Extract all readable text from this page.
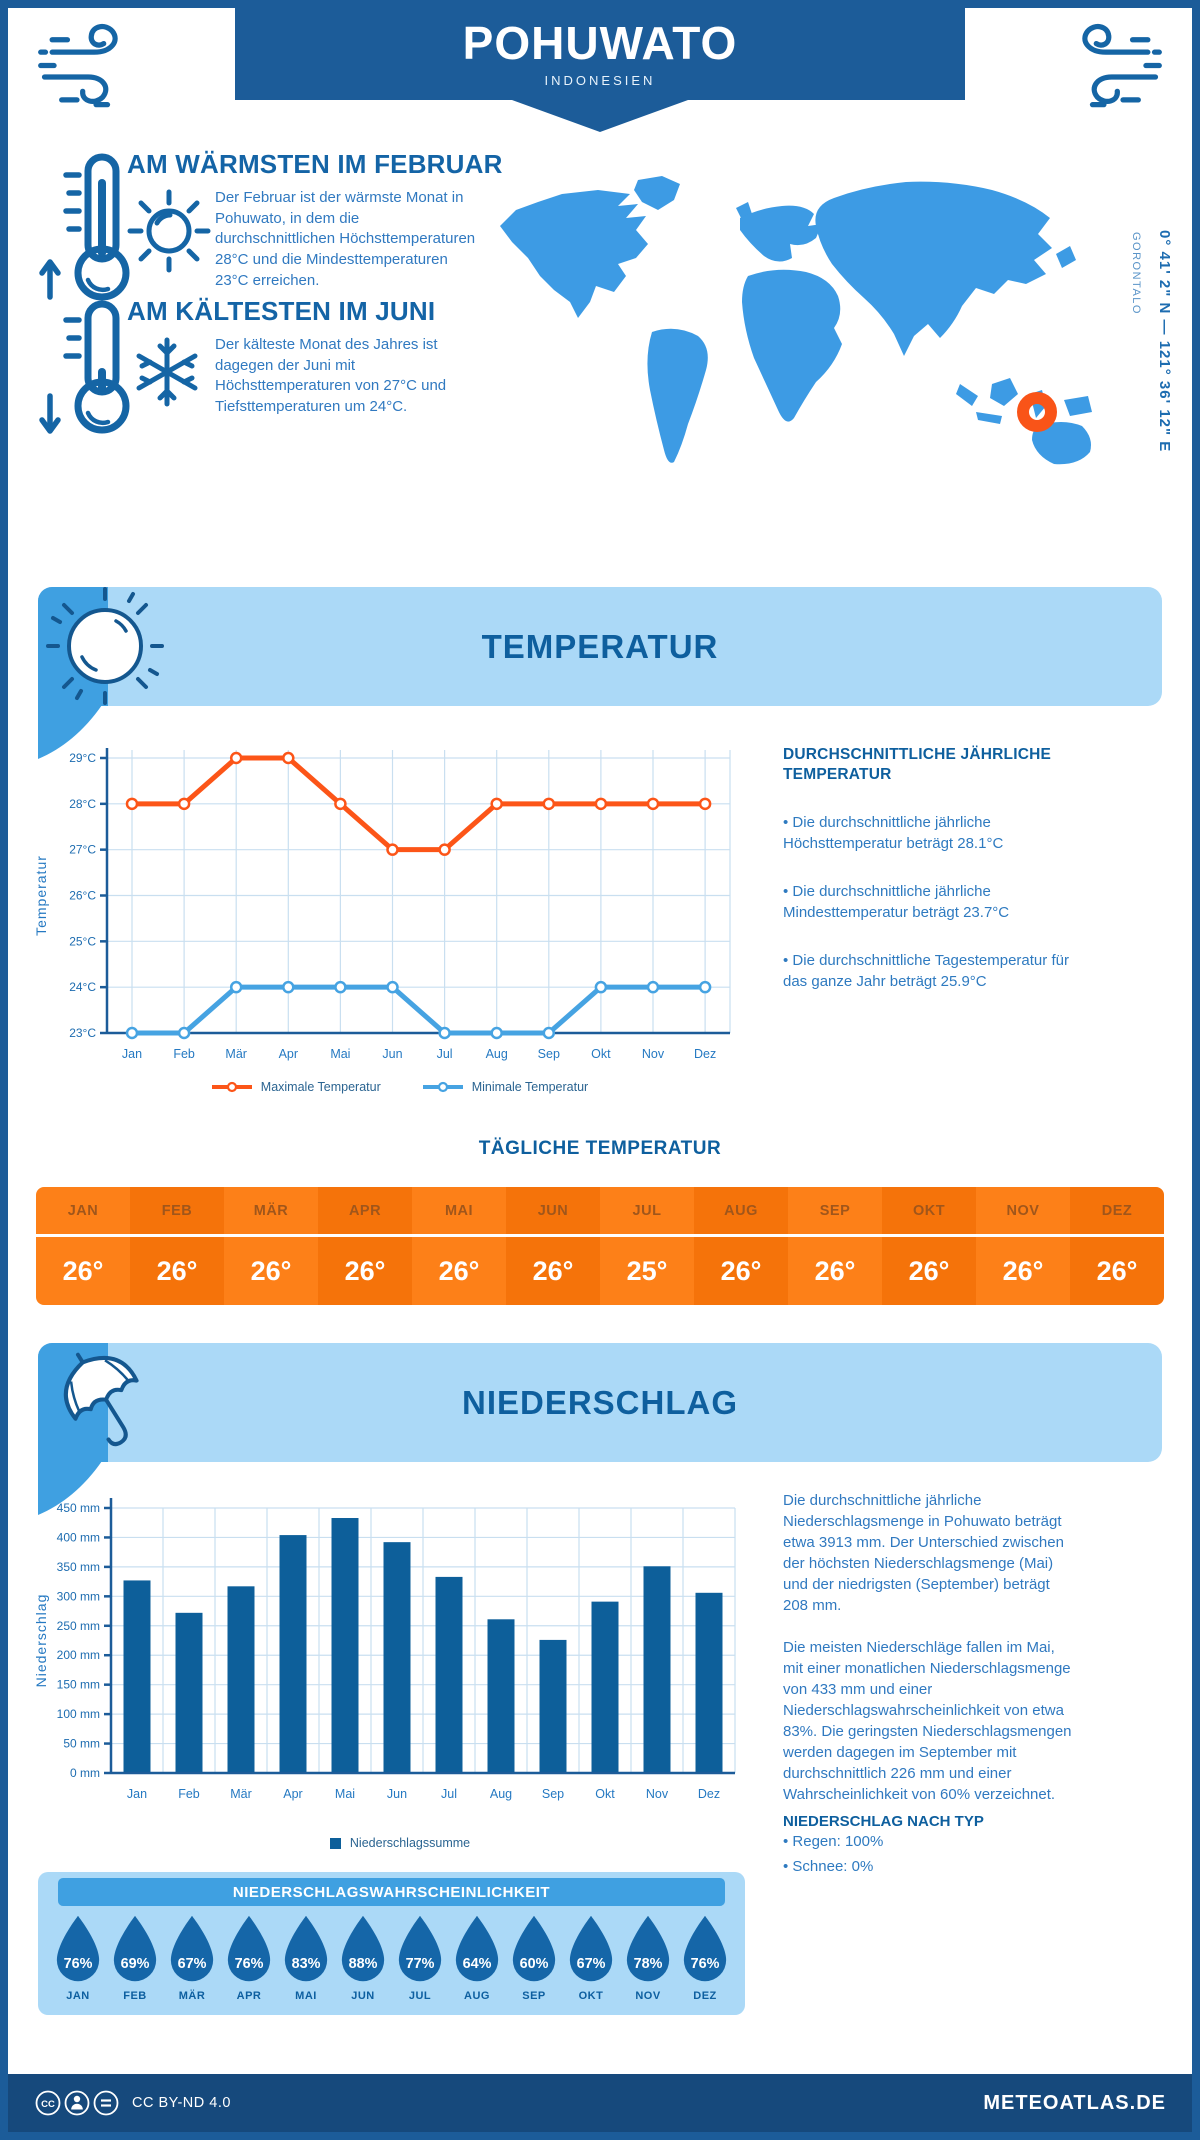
POHUWATO
INDONESIEN
AM WÄRMSTEN IM FEBRUAR
Der Februar ist der wärmste Monat in Pohuwato, in dem die durchschnittlichen Höchsttemperaturen 28°C und die Mindesttemperaturen 23°C erreichen.
AM KÄLTESTEN IM JUNI
Der kälteste Monat des Jahres ist dagegen der Juni mit Höchsttemperaturen von 27°C und Tiefsttemperaturen um 24°C.	0° 41' 2" N — 121° 36' 12" E
GORONTALO
TEMPERATUR
23°C
24°C
25°C
26°C
27°C
28°C
29°C
Jan Feb Mär	Apr	Mai	Jun	Jul	Aug Sep Okt	Nov Dez
Temperatur
Maximale Temperatur	Minimale Temperatur
DURCHSCHNITTLICHE JÄHRLICHE TEMPERATUR
• Die durchschnittliche jährliche Höchsttemperatur beträgt 28.1°C
• Die durchschnittliche jährliche Mindesttemperatur beträgt 23.7°C
• Die durchschnittliche Tagestemperatur für das ganze Jahr beträgt 25.9°C
TÄGLICHE TEMPERATUR
JAN
26°
FEB
26°
MÄR
26°
APR
26°
MAI
26°
JUN
26°
JUL
25°
AUG
26°
SEP
26°
OKT
26°
NOV
26°
DEZ
26°
NIEDERSCHLAG
0 mm
50 mm
100 mm
150 mm
200 mm
250 mm
300 mm
350 mm
400 mm
450 mm
Jan Feb Mär	Apr	Mai	Jun	Jul	Aug Sep Okt Nov Dez
Niederschlag
Niederschlagssumme
Die durchschnittliche jährliche Niederschlagsmenge in Pohuwato beträgt etwa 3913 mm. Der Unterschied zwischen der höchsten Niederschlagsmenge (Mai) und der niedrigsten (September) beträgt 208 mm.
Die meisten Niederschläge fallen im Mai, mit einer monatlichen Niederschlagsmenge von 433 mm und einer Niederschlagswahrscheinlichkeit von etwa 83%. Die geringsten Niederschlagsmengen werden dagegen im September mit durchschnittlich 226 mm und einer Wahrscheinlichkeit von 60% verzeichnet.
NIEDERSCHLAG NACH TYP
• Regen: 100%
• Schnee: 0%
NIEDERSCHLAGSWAHRSCHEINLICHKEIT
76%
JAN
69%
FEB
67%
MÄR
76%
APR
83%
MAI
88%
JUN
77%
JUL
64%
AUG
60%
SEP
67%
OKT
78%
NOV
76%
DEZ
CC	CC BY-ND 4.0	METEOATLAS.DE
